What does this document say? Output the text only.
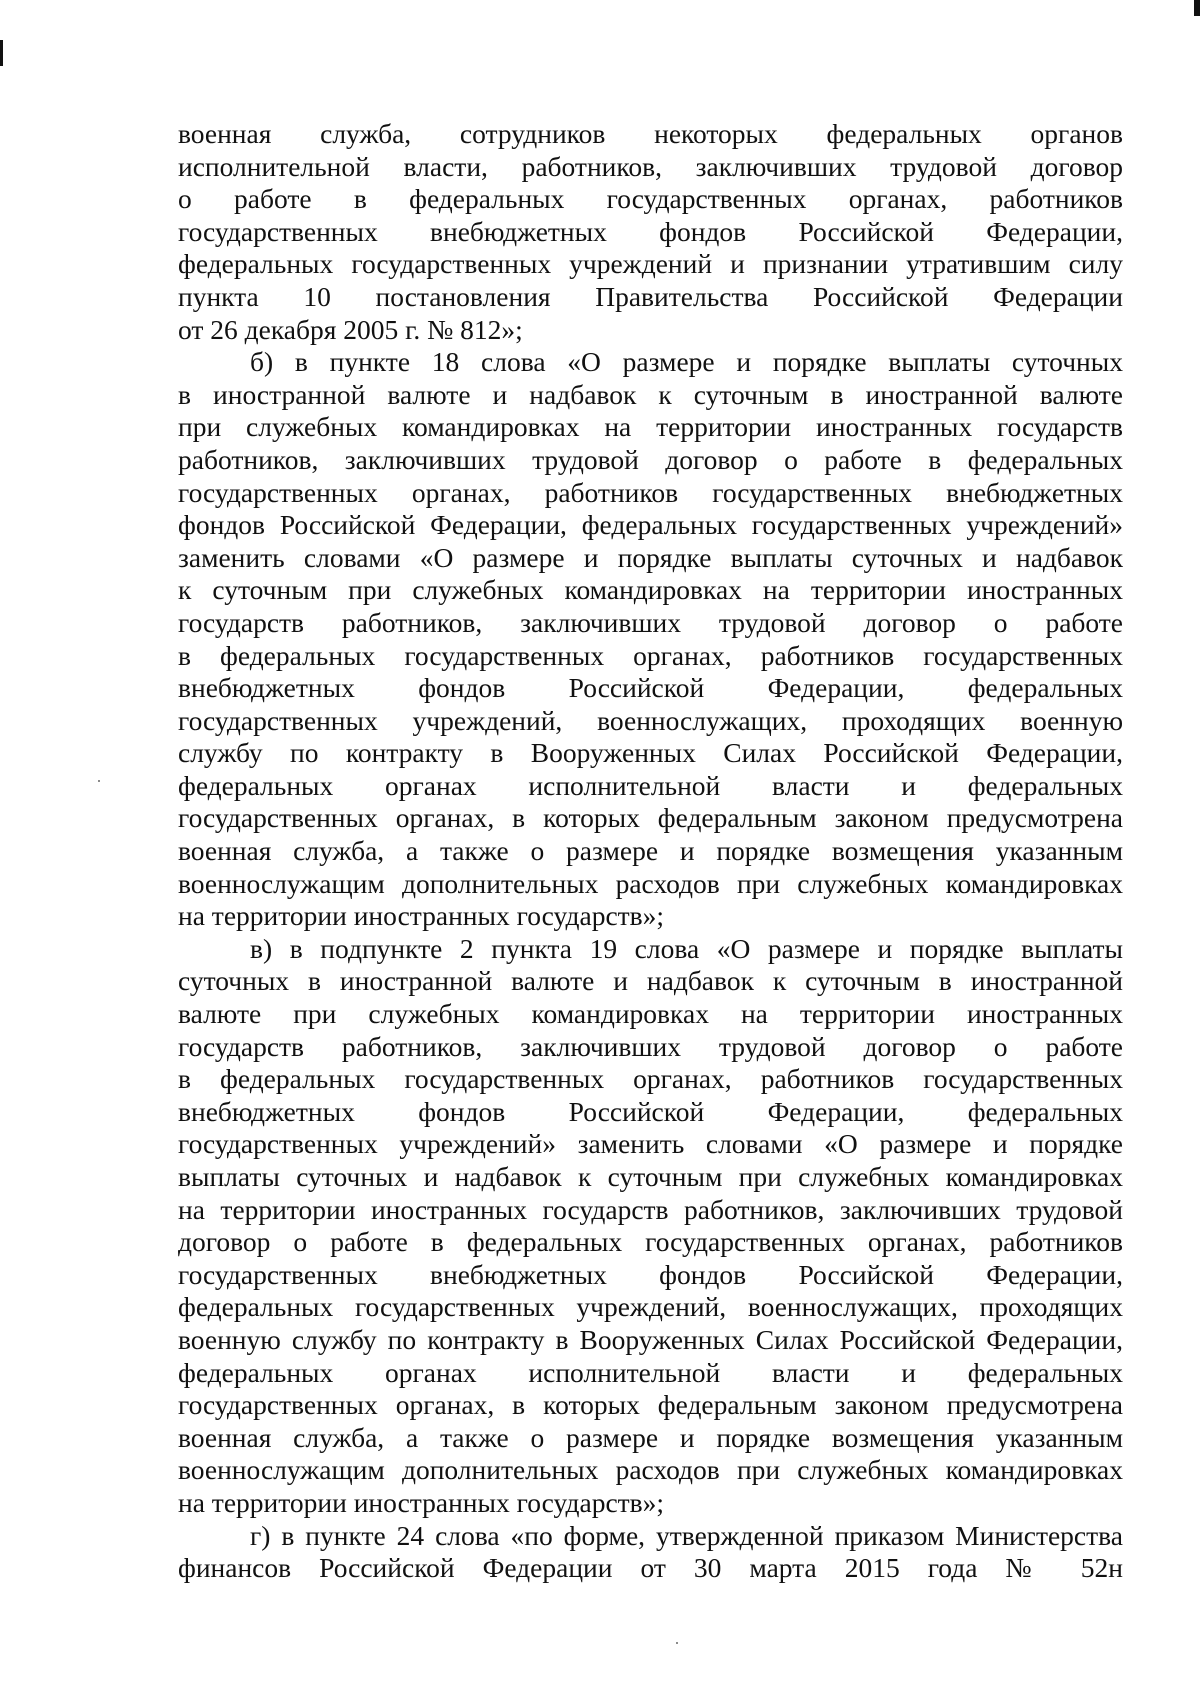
военная служба, сотрудников некоторых федеральных органов
исполнительной власти, работников, заключивших трудовой договор
о работе в федеральных государственных органах, работников
государственных внебюджетных фондов Российской Федерации,
федеральных государственных учреждений и признании утратившим силу
пункта 10 постановления Правительства Российской Федерации
от 26 декабря 2005 г. № 812»;
б) в пункте 18 слова «О размере и порядке выплаты суточных
в иностранной валюте и надбавок к суточным в иностранной валюте
при служебных командировках на территории иностранных государств
работников, заключивших трудовой договор о работе в федеральных
государственных органах, работников государственных внебюджетных
фондов Российской Федерации, федеральных государственных учреждений»
заменить словами «О размере и порядке выплаты суточных и надбавок
к суточным при служебных командировках на территории иностранных
государств работников, заключивших трудовой договор о работе
в федеральных государственных органах, работников государственных
внебюджетных фондов Российской Федерации, федеральных
государственных учреждений, военнослужащих, проходящих военную
службу по контракту в Вооруженных Силах Российской Федерации,
федеральных органах исполнительной власти и федеральных
государственных органах, в которых федеральным законом предусмотрена
военная служба, а также о размере и порядке возмещения указанным
военнослужащим дополнительных расходов при служебных командировках
на территории иностранных государств»;
в) в подпункте 2 пункта 19 слова «О размере и порядке выплаты
суточных в иностранной валюте и надбавок к суточным в иностранной
валюте при служебных командировках на территории иностранных
государств работников, заключивших трудовой договор о работе
в федеральных государственных органах, работников государственных
внебюджетных фондов Российской Федерации, федеральных
государственных учреждений» заменить словами «О размере и порядке
выплаты суточных и надбавок к суточным при служебных командировках
на территории иностранных государств работников, заключивших трудовой
договор о работе в федеральных государственных органах, работников
государственных внебюджетных фондов Российской Федерации,
федеральных государственных учреждений, военнослужащих, проходящих
военную службу по контракту в Вооруженных Силах Российской Федерации,
федеральных органах исполнительной власти и федеральных
государственных органах, в которых федеральным законом предусмотрена
военная служба, а также о размере и порядке возмещения указанным
военнослужащим дополнительных расходов при служебных командировках
на территории иностранных государств»;
г) в пункте 24 слова «по форме, утвержденной приказом Министерства
финансов Российской Федерации от 30 марта 2015 года № 52н
